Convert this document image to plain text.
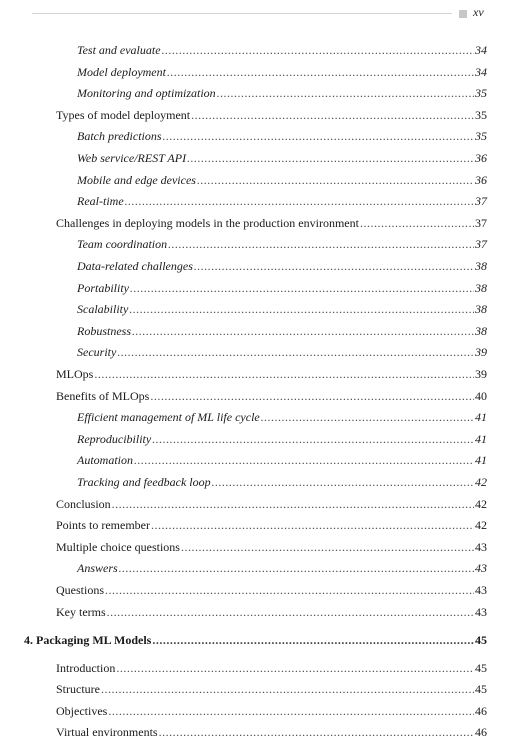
xv
Test and evaluate .....	34
Model deployment .....	34
Monitoring and optimization .....	35
Types of model deployment .....	35
Batch predictions .....	35
Web service/REST API .....	36
Mobile and edge devices .....	36
Real-time .....	37
Challenges in deploying models in the production environment .....	37
Team coordination .....	37
Data-related challenges .....	38
Portability .....	38
Scalability .....	38
Robustness .....	38
Security .....	39
MLOps .....	39
Benefits of MLOps .....	40
Efficient management of ML life cycle .....	41
Reproducibility .....	41
Automation .....	41
Tracking and feedback loop .....	42
Conclusion .....	42
Points to remember .....	42
Multiple choice questions .....	43
Answers .....	43
Questions .....	43
Key terms .....	43
4. Packaging ML Models .....	45
Introduction .....	45
Structure .....	45
Objectives .....	46
Virtual environments .....	46
